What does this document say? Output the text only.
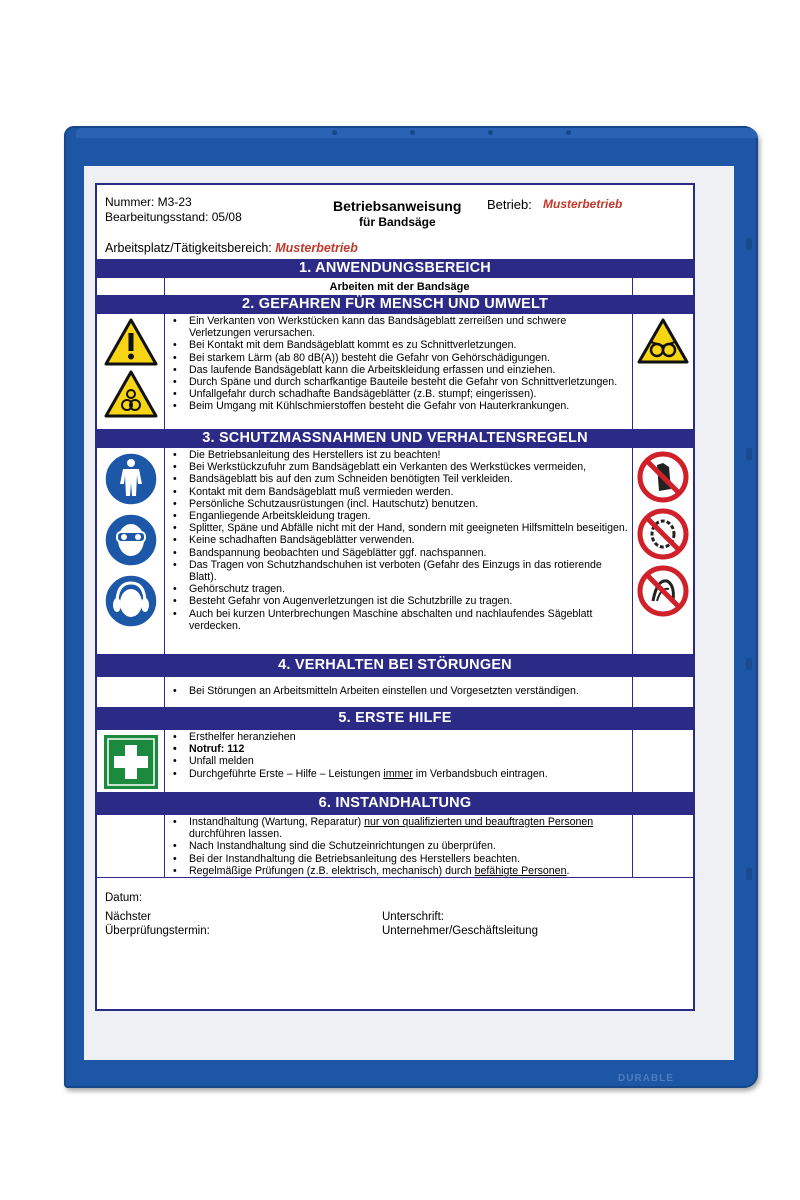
DURABLE
Nummer: M3-23
Bearbeitungsstand: 05/08
Betriebsanweisung
für Bandsäge
Betrieb: Musterbetrieb
Arbeitsplatz/Tätigkeitsbereich: Musterbetrieb
1. ANWENDUNGSBEREICH
Arbeiten mit der Bandsäge
2. GEFAHREN FÜR MENSCH UND UMWELT
• Ein Verkanten von Werkstücken kann das Bandsägeblatt zerreißen und schwere Verletzungen verursachen.
• Bei Kontakt mit dem Bandsägeblatt kommt es zu Schnittverletzungen.
• Bei starkem Lärm (ab 80 dB(A)) besteht die Gefahr von Gehörschädigungen.
• Das laufende Bandsägeblatt kann die Arbeitskleidung erfassen und einziehen.
• Durch Späne und durch scharfkantige Bauteile besteht die Gefahr von Schnittverletzungen.
• Unfallgefahr durch schadhafte Bandsägeblätter (z.B. stumpf; eingerissen).
• Beim Umgang mit Kühlschmierstoffen besteht die Gefahr von Hauterkrankungen.
3. SCHUTZMASSNAHMEN UND VERHALTENSREGELN
• Die Betriebsanleitung des Herstellers ist zu beachten!
• Bei Werkstückzufuhr zum Bandsägeblatt ein Verkanten des Werkstückes vermeiden,
• Bandsägeblatt bis auf den zum Schneiden benötigten Teil verkleiden.
• Kontakt mit dem Bandsägeblatt muß vermieden werden.
• Persönliche Schutzausrüstungen (incl. Hautschutz) benutzen.
• Enganliegende Arbeitskleidung tragen.
• Splitter, Späne und Abfälle nicht mit der Hand, sondern mit geeigneten Hilfsmitteln beseitigen.
• Keine schadhaften Bandsägeblätter verwenden.
• Bandspannung beobachten und Sägeblätter ggf. nachspannen.
• Das Tragen von Schutzhandschuhen ist verboten (Gefahr des Einzugs in das rotierende Blatt).
• Gehörschutz tragen.
• Besteht Gefahr von Augenverletzungen ist die Schutzbrille zu tragen.
• Auch bei kurzen Unterbrechungen Maschine abschalten und nachlaufendes Sägeblatt verdecken.
4. VERHALTEN BEI STÖRUNGEN
• Bei Störungen an Arbeitsmitteln Arbeiten einstellen und Vorgesetzten verständigen.
5. ERSTE HILFE
• Ersthelfer heranziehen
• Notruf: 112
• Unfall melden
• Durchgeführte Erste – Hilfe – Leistungen immer im Verbandsbuch eintragen.
6. INSTANDHALTUNG
• Instandhaltung (Wartung, Reparatur) nur von qualifizierten und beauftragten Personen durchführen lassen.
• Nach Instandhaltung sind die Schutzeinrichtungen zu überprüfen.
• Bei der Instandhaltung die Betriebsanleitung des Herstellers beachten.
• Regelmäßige Prüfungen (z.B. elektrisch, mechanisch) durch befähigte Personen.
Datum:
Nächster
Überprüfungstermin:
Unterschrift:
Unternehmer/Geschäftsleitung
